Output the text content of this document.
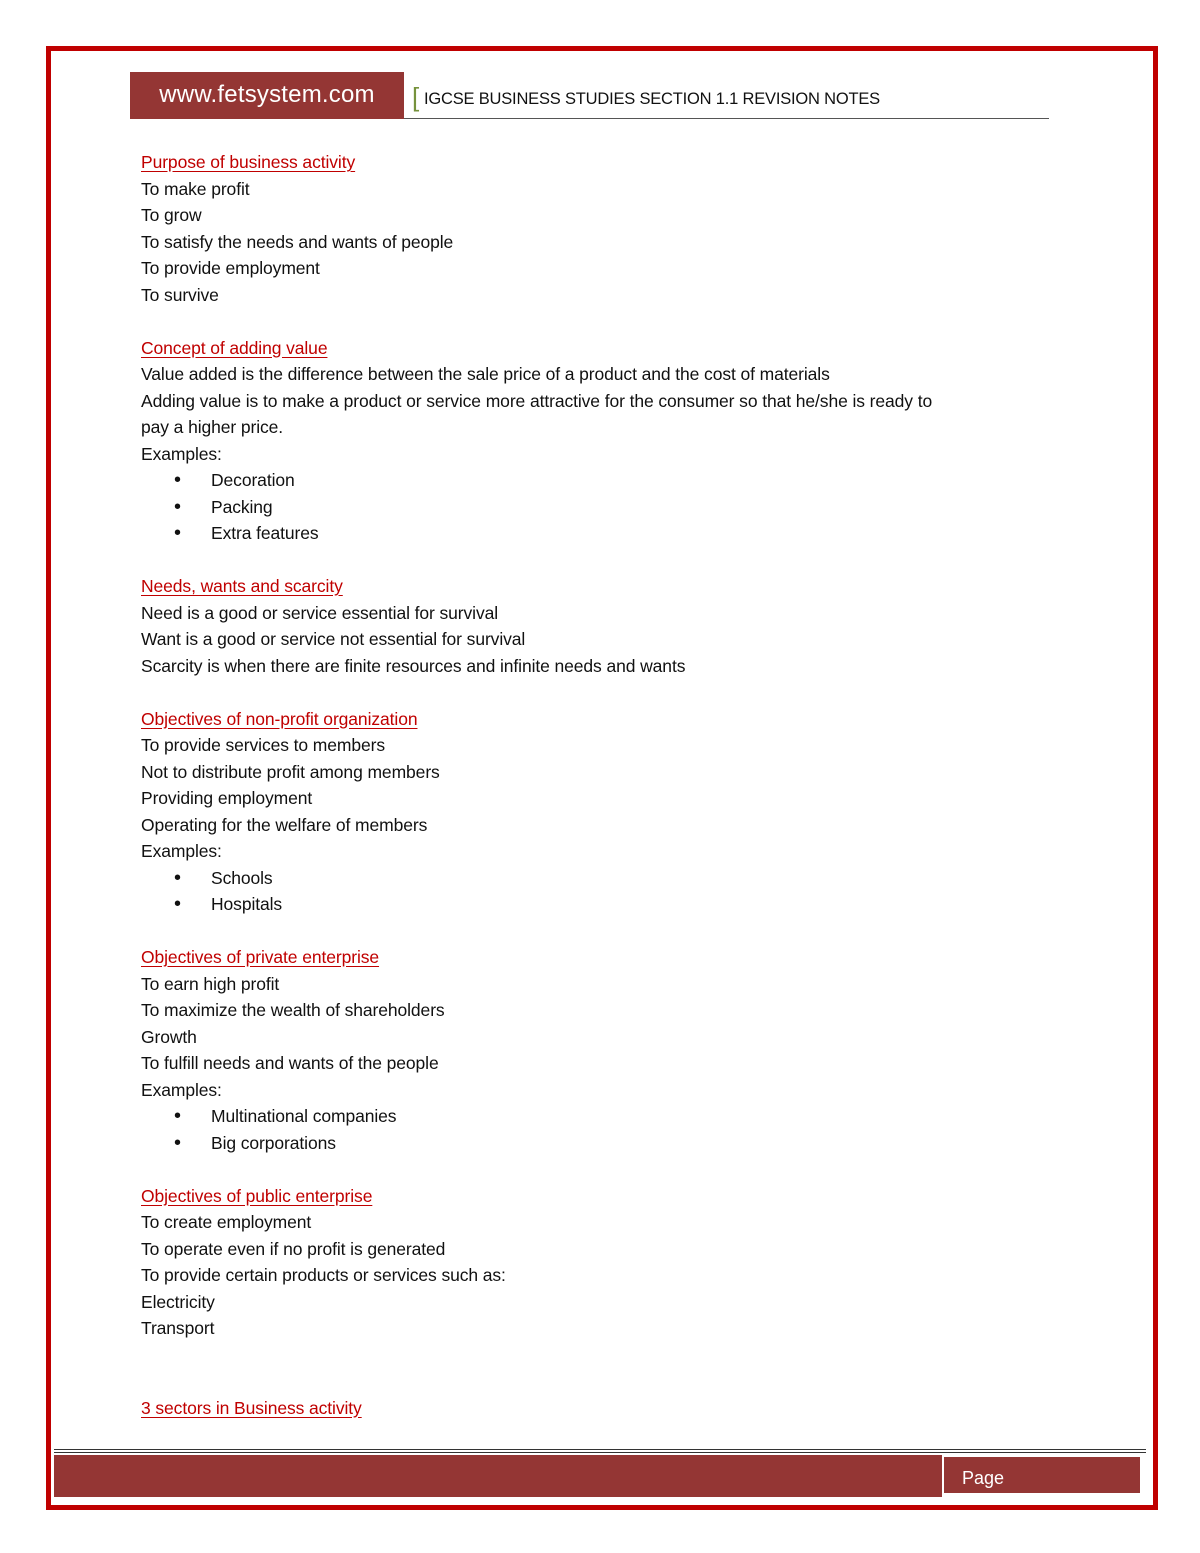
www.fetsystem.com	[ IGCSE BUSINESS STUDIES SECTION 1.1 REVISION NOTES

Purpose of business activity

To make profit

To grow

To satisfy the needs and wants of people

To provide employment

To survive

Concept of adding value

Value added is the difference between the sale price of a product and the cost of materials

Adding value is to make a product or service more attractive for the consumer so that he/she is ready to

pay a higher price.

Examples:

• Decoration
• Packing
• Extra features

Needs, wants and scarcity

Need is a good or service essential for survival

Want is a good or service not essential for survival

Scarcity is when there are finite resources and infinite needs and wants

Objectives of non-profit organization

To provide services to members

Not to distribute profit among members

Providing employment

Operating for the welfare of members

Examples:

• Schools
• Hospitals

Objectives of private enterprise

To earn high profit

To maximize the wealth of shareholders

Growth

To fulfill needs and wants of the people

Examples:

• Multinational companies
• Big corporations

Objectives of public enterprise

To create employment

To operate even if no profit is generated

To provide certain products or services such as:

Electricity

Transport

3 sectors in Business activity

Page
